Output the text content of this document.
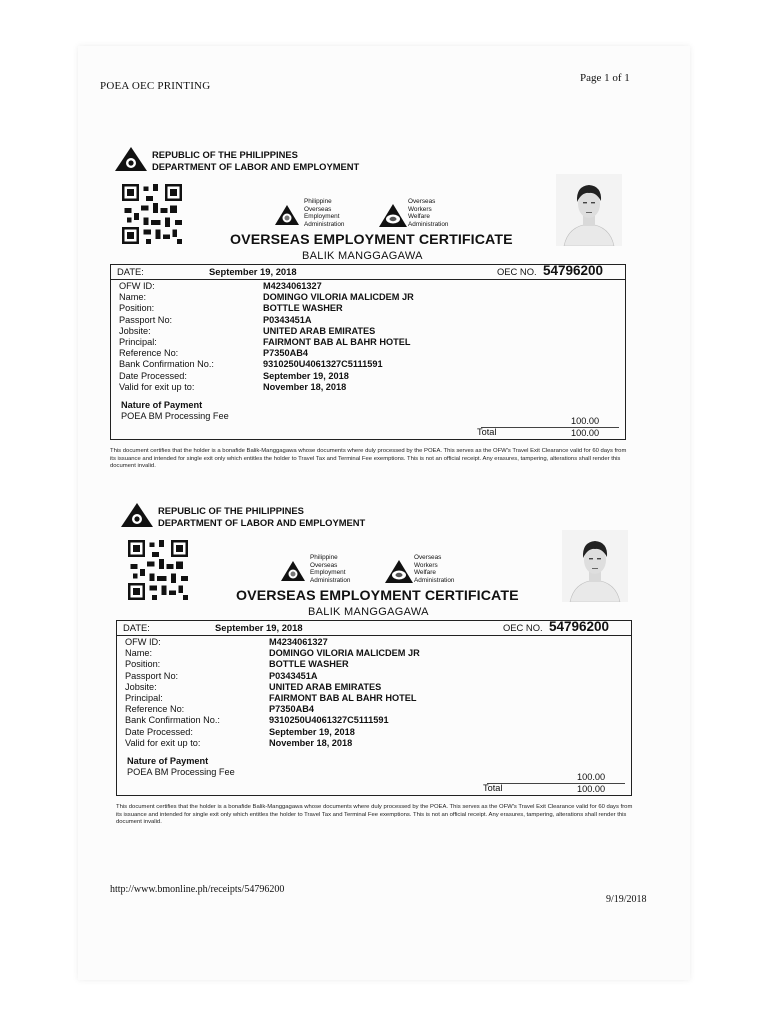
POEA OEC PRINTING
Page 1 of 1
REPUBLIC OF THE PHILIPPINES
DEPARTMENT OF LABOR AND EMPLOYMENT
Philippine
Overseas
Employment
Administration
Overseas
Workers
Welfare
Administration
OVERSEAS EMPLOYMENT CERTIFICATE
BALIK MANGGAGAWA
DATE:	September 19, 2018	OEC NO. 54796200
OFW ID:	M4234061327
Name:	DOMINGO VILORIA MALICDEM JR
Position:	BOTTLE WASHER
Passport No:	P0343451A
Jobsite:	UNITED ARAB EMIRATES
Principal:	FAIRMONT BAB AL BAHR HOTEL
Reference No:	P7350AB4
Bank Confirmation No.:	9310250U4061327C5111591
Date Processed:	September 19, 2018
Valid for exit up to:	November 18, 2018
Nature of Payment
POEA BM Processing Fee	100.00
Total	100.00
This document certifies that the holder is a bonafide Balik-Manggagawa whose documents where duly processed by the POEA. This serves as the OFW's Travel Exit Clearance valid for 60 days from its issuance and intended for single exit only which entitles the holder to Travel Tax and Terminal Fee exemptions. This is not an official receipt. Any erasures, tampering, alterations shall render this document invalid.
REPUBLIC OF THE PHILIPPINES
DEPARTMENT OF LABOR AND EMPLOYMENT
Philippine
Overseas
Employment
Administration
Overseas
Workers
Welfare
Administration
OVERSEAS EMPLOYMENT CERTIFICATE
BALIK MANGGAGAWA
DATE:	September 19, 2018	OEC NO. 54796200
OFW ID:	M4234061327
Name:	DOMINGO VILORIA MALICDEM JR
Position:	BOTTLE WASHER
Passport No:	P0343451A
Jobsite:	UNITED ARAB EMIRATES
Principal:	FAIRMONT BAB AL BAHR HOTEL
Reference No:	P7350AB4
Bank Confirmation No.:	9310250U4061327C5111591
Date Processed:	September 19, 2018
Valid for exit up to:	November 18, 2018
Nature of Payment
POEA BM Processing Fee	100.00
Total	100.00
This document certifies that the holder is a bonafide Balik-Manggagawa whose documents where duly processed by the POEA. This serves as the OFW's Travel Exit Clearance valid for 60 days from its issuance and intended for single exit only which entitles the holder to Travel Tax and Terminal Fee exemptions. This is not an official receipt. Any erasures, tampering, alterations shall render this document invalid.
http://www.bmonline.ph/receipts/54796200
9/19/2018
